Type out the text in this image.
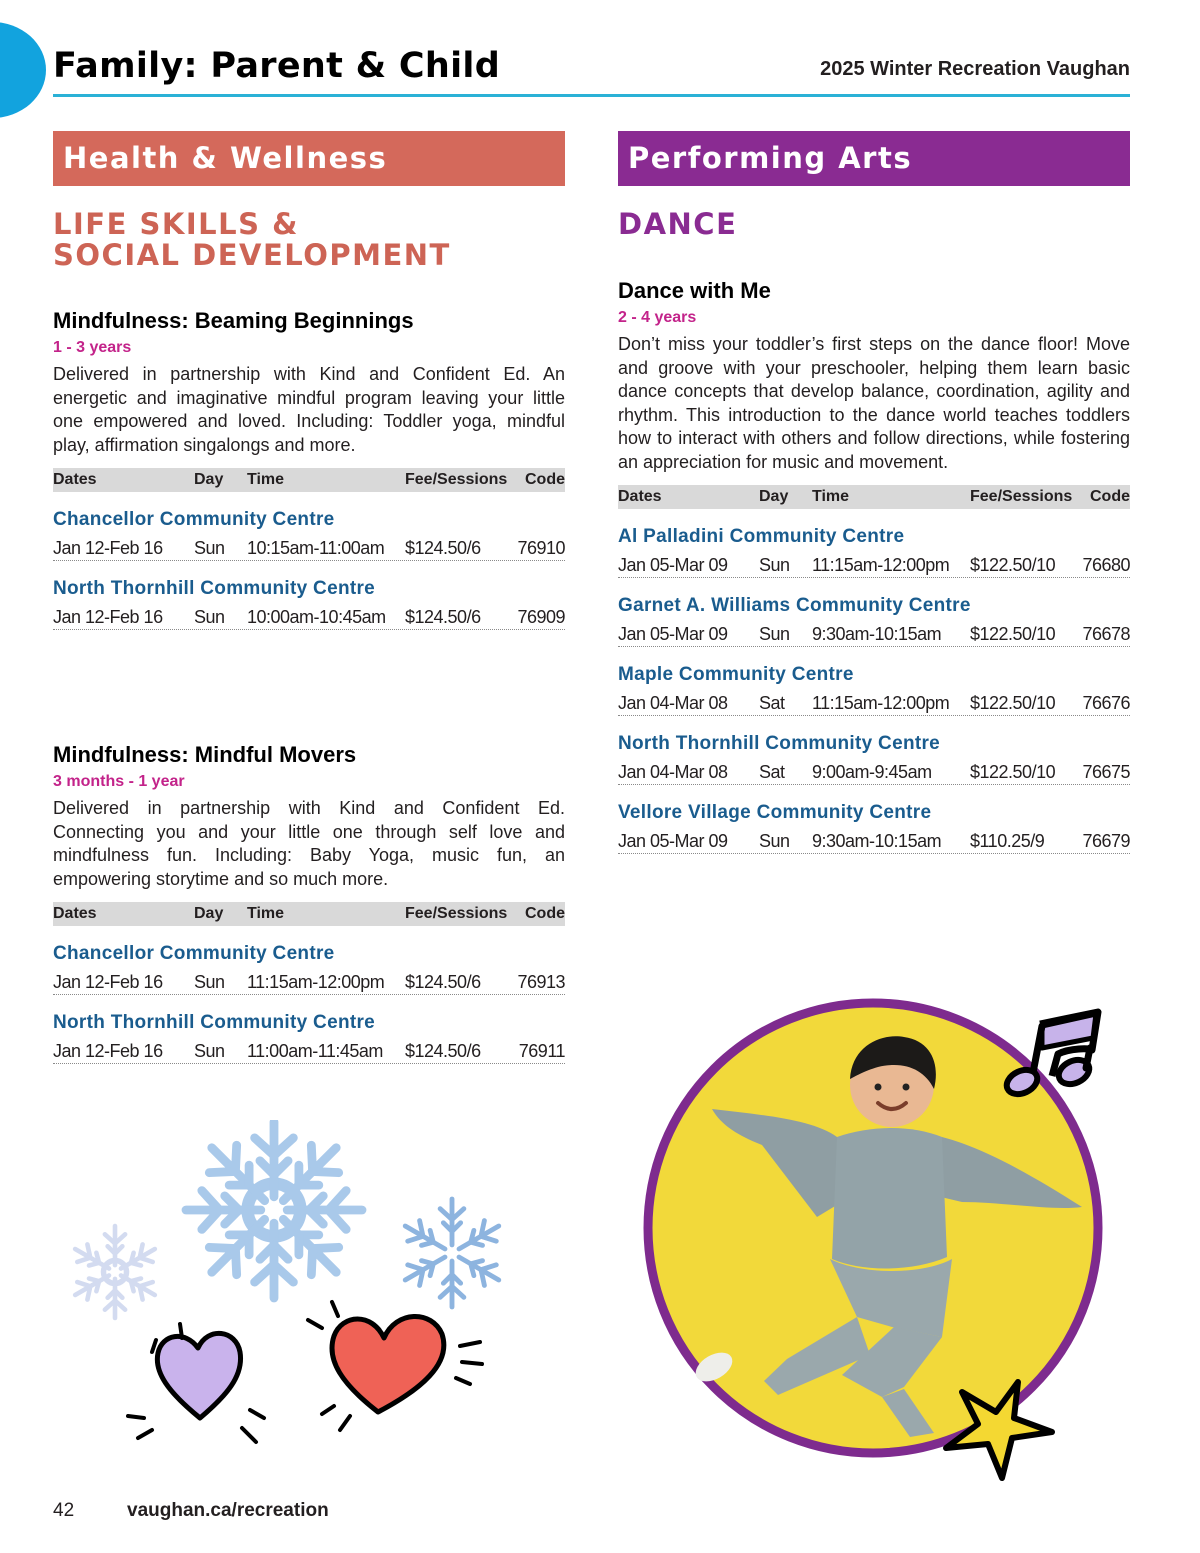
Family: Parent & Child	2025 Winter Recreation Vaughan
Health & Wellness
LIFE SKILLS &
SOCIAL DEVELOPMENT
Mindfulness: Beaming Beginnings
1 - 3 years

Delivered in partnership with Kind and Confident Ed. An energetic and imaginative mindful program leaving your little one empowered and loved. Including: Toddler yoga, mindful play, affirmation singalongs and more.

Dates	Day Time	Fee/Sessions Code
Chancellor Community Centre
Jan 12-Feb 16 Sun 10:15am-11:00am $124.50/6 76910
North Thornhill Community Centre
Jan 12-Feb 16 Sun 10:00am-10:45am $124.50/6 76909
Mindfulness: Mindful Movers
3 months - 1 year

Delivered in partnership with Kind and Confident Ed. Connecting you and your little one through self love and mindfulness fun. Including: Baby Yoga, music fun, an empowering storytime and so much more.

Dates	Day Time	Fee/Sessions Code
Chancellor Community Centre
Jan 12-Feb 16 Sun 11:15am-12:00pm $124.50/6 76913
North Thornhill Community Centre
Jan 12-Feb 16 Sun 11:00am-11:45am $124.50/6 76911
Performing Arts
DANCE
Dance with Me
2 - 4 years

Don’t miss your toddler’s first steps on the dance floor! Move and groove with your preschooler, helping them learn basic dance concepts that develop balance, coordination, agility and rhythm. This introduction to the dance world teaches toddlers how to interact with others and follow directions, while fostering an appreciation for music and movement.

Dates	Day Time	Fee/Sessions Code
Al Palladini Community Centre
Jan 05-Mar 09 Sun 11:15am-12:00pm $122.50/10 76680
Garnet A. Williams Community Centre
Jan 05-Mar 09 Sun 9:30am-10:15am $122.50/10 76678
Maple Community Centre
Jan 04-Mar 08 Sat 11:15am-12:00pm $122.50/10 76676
North Thornhill Community Centre
Jan 04-Mar 08 Sat 9:00am-9:45am $122.50/10 76675
Vellore Village Community Centre
Jan 05-Mar 09 Sun 9:30am-10:15am $110.25/9 76679
42	vaughan.ca/recreation
